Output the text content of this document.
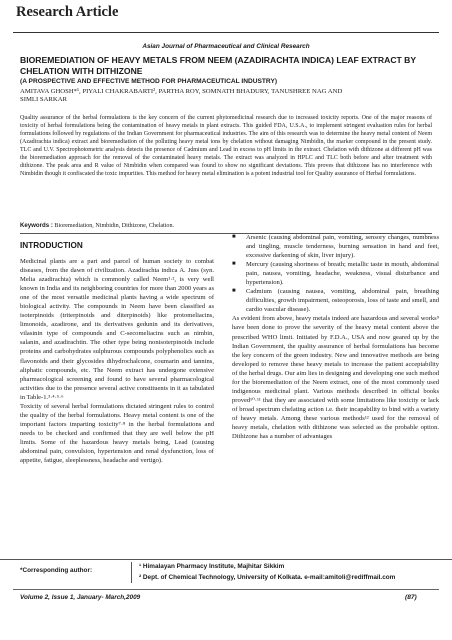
Research Article
Asian Journal of Pharmaceutical and Clinical Research
BIOREMEDIATION OF HEAVY METALS FROM NEEM (AZADIRACHTA INDICA) LEAF EXTRACT BY CHELATION WITH DITHIZONE
(A PROSPECTIVE AND EFFECTIVE METHOD FOR PHARMACEUTICAL INDUSTRY)
AMITAVA GHOSH*¹, PIYALI CHAKRABARTI², PARTHA ROY, SOMNATH BHADURY, TANUSHREE NAG AND
SIMLI SARKAR
Quality assurance of the herbal formulations is the key concern of the current phytomedicinal research due to increased toxicity reports. One of the major reasons of toxicity of herbal formulations being the contamination of heavy metals in plant extracts. This guided FDA, U.S.A., to implement stringent evaluation rules for herbal formulations followed by regulations of the Indian Government for pharmaceutical industries. The aim of this research was to determine the heavy metal content of Neem (Azadirachta indica) extract and bioremediation of the polluting heavy metal ions by chelation without damaging Nimbidin, the marker compound in the present study. TLC and U.V. Spectrophotometric analysis detects the presence of Cadmium and Lead in excess to pH limits in the extract. Chelation with dithizone at different pH was the bioremediation approach for the removal of the contaminated heavy metals. The extract was analyzed in HPLC and TLC both before and after treatment with dithizone. The peak area and R value of Nimbidin when compared was found to show no significant deviations. This proves that dithizone has no interference with Nimbidin though it confiscated the toxic impurities. This method for heavy metal elimination is a potent industrial tool for Quality assurance of Herbal formulations.
Keywords : Bioremediation, Nimbidin, Dithizone, Chelation.
INTRODUCTION
Medicinal plants are a part and parcel of human society to combat diseases, from the dawn of civilization. Azadirachta indica A. Juss (syn. Melia azadirachta) which is commonly called Neem¹·², is very well known in India and its neighboring countries for more than 2000 years as one of the most versatile medicinal plants having a wide spectrum of biological activity. The compounds in Neem have been classified as isoterpinoids (triterpinoids and diterpinoids) like protomeliacins, limonoids, azadirone, and its derivatives gedunin and its derivatives, vilasinin type of compounds and C-secomeliacins such as nimbin, salanin, and azadirachtin. The other type being nonisoterpinoids include proteins and carbohydrates sulphurous compounds polyphenolics such as flavonoids and their glycosides dihydrochalcone, coumarin and tannins, aliphatic compounds, etc. The Neem extract has undergone extensive pharmacological screening and found to have several pharmacological activities due to the presence several active constituents in it as tabulated in Table-1.³·⁴·⁵·⁶
Toxicity of several herbal formulations dictated stringent rules to control the quality of the herbal formulations. Heavy metal content is one of the important factors imparting toxicity⁷·⁸ in the herbal formulations and needs to be checked and confirmed that they are well below the pH limits. Some of the hazardous heavy metals being, Lead (causing abdominal pain, convulsion, hypertension and renal dysfunction, loss of appetite, fatigue, sleeplessness, headache and vertigo).
■ Arsenic (causing abdominal pain, vomiting, sensory changes, numbness and tingling, muscle tenderness, burning sensation in hand and feet, excessive darkening of skin, liver injury).
■ Mercury (causing shortness of breath; metallic taste in mouth, abdominal pain, nausea, vomiting, headache, weakness, visual disturbance and hypertension).
■ Cadmium (causing nausea, vomiting, abdominal pain, breathing difficulties, growth impairment, osteoporosis, loss of taste and smell, and cardio vascular disease).
As evident from above, heavy metals indeed are hazardous and several works⁹ have been done to prove the severity of the heavy metal content above the prescribed WHO limit. Initiated by F.D.A., USA and now geared up by the Indian Government, the quality assurance of herbal formulations has become the key concern of the green industry. New and innovative methods are being developed to remove these heavy metals to increase the patient acceptability of the herbal drugs. Our aim lies in designing and developing one such method for the bioremediation of the Neem extract, one of the most commonly used indigenous medicinal plant. Various methods described in official books proved¹⁰·¹¹ that they are associated with some limitations like toxicity or lack of broad spectrum chelating action i.e. their incapability to bind with a variety of heavy metals. Among these various methods¹² used for the removal of heavy metals, chelation with dithizone was selected as the probable option. Dithizone has a number of advantages
*Corresponding author:
¹ Himalayan Pharmacy Institute, Majhitar Sikkim
² Dept. of Chemical Technology, University of Kolkata. e-mail:amitoli@rediffmail.com
Volume 2, Issue 1, January- March,2009	(87)
